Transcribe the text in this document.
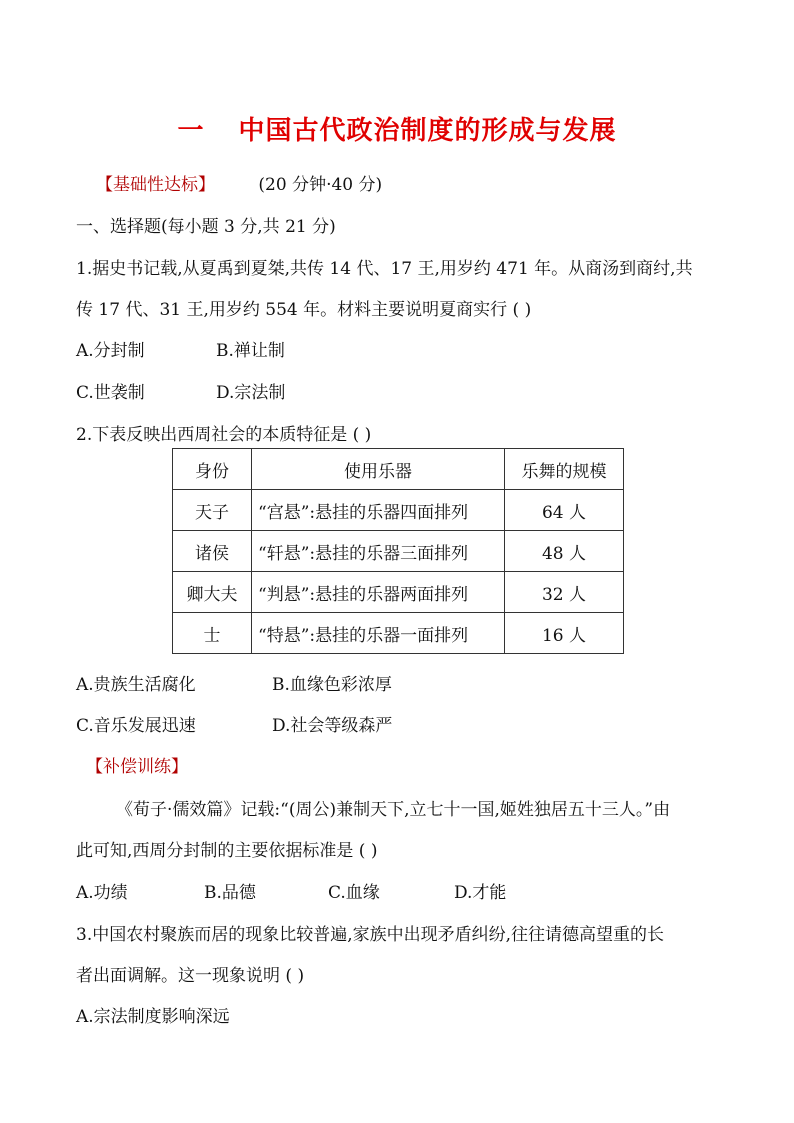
一 中国古代政治制度的形成与发展
【基础性达标】	(20 分钟·40 分)
一、选择题(每小题 3 分,共 21 分)
1.据史书记载,从夏禹到夏桀,共传 14 代、17 王,用岁约 471 年。从商汤到商纣,共
传 17 代、31 王,用岁约 554 年。材料主要说明夏商实行 ( )
A.分封制	B.禅让制
C.世袭制	D.宗法制
2.下表反映出西周社会的本质特征是 ( )
身份	使用乐器	乐舞的规模
天子	“宫悬”:悬挂的乐器四面排列	64 人
诸侯	“轩悬”:悬挂的乐器三面排列	48 人
卿大夫	“判悬”:悬挂的乐器两面排列	32 人
士	“特悬”:悬挂的乐器一面排列	16 人
A.贵族生活腐化	B.血缘色彩浓厚
C.音乐发展迅速	D.社会等级森严
【补偿训练】
《荀子·儒效篇》记载:“(周公)兼制天下,立七十一国,姬姓独居五十三人。”由
此可知,西周分封制的主要依据标准是 ( )
A.功绩	B.品德	C.血缘	D.才能
3.中国农村聚族而居的现象比较普遍,家族中出现矛盾纠纷,往往请德高望重的长
者出面调解。这一现象说明 ( )
A.宗法制度影响深远
